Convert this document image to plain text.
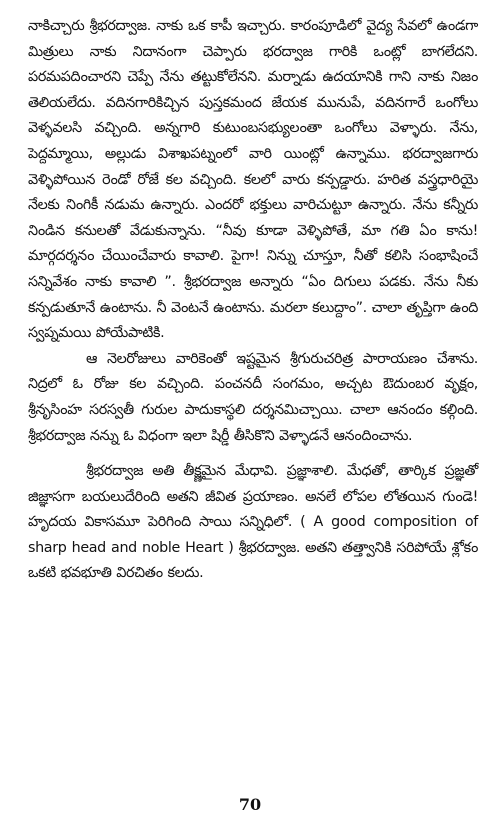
నాకిచ్చారు శ్రీభరద్వాజ. నాకు ఒక కాపీ ఇచ్చారు. కారంపూడిలో వైద్య సేవలో ఉండగా మిత్రులు నాకు నిదానంగా చెప్పారు భరద్వాజ గారికి ఒంట్లో బాగలేదని. పరమపదించారని చెప్పే నేను తట్టుకోలేనని. మర్నాడు ఉదయానికి గాని నాకు నిజం తెలియలేదు. వదినగారికిచ్చిన పుస్తకమంద జేయక మునుపే, వదినగారే ఒంగోలు వెళ్ళవలసి వచ్చింది. అన్నగారి కుటుంబసభ్యులంతా ఒంగోలు వెళ్ళారు. నేను, పెద్దమ్మాయి, అల్లుడు విశాఖపట్నంలో వారి యింట్లో ఉన్నాము. భరద్వాజగారు వెళ్ళిపోయిన రెండో రోజే కల వచ్చింది. కలలో వారు కన్పడ్డారు. హరిత వస్త్రధారియై నేలకు నింగికీ నడుమ ఉన్నారు. ఎందరో భక్తులు వారిచుట్టూ ఉన్నారు. నేను కన్నీరు నిండిన కనులతో వేడుకున్నాను. “నీవు కూడా వెళ్ళిపోతే, మా గతి ఏం కాను! మార్గదర్శనం చేయించేవారు కావాలి. పైగా! నిన్ను చూస్తూ, నీతో కలిసి సంభాషించే సన్నివేశం నాకు కావాలి ”. శ్రీభరద్వాజ అన్నారు “ఏం దిగులు పడకు. నేను నీకు కన్పడుతూనే ఉంటాను. నీ వెంటనే ఉంటాను. మరలా కలుద్దాం”. చాలా తృప్తిగా ఉంది స్వప్నమయి పోయేపాటికి.

ఆ నెలరోజులు వారికెంతో ఇష్టమైన శ్రీగురుచరిత్ర పారాయణం చేశాను. నిద్రలో ఓ రోజు కల వచ్చింది. పంచనదీ సంగమం, అచ్చట ఔదుంబర వృక్షం, శ్రీనృసింహ సరస్వతీ గురుల పాదుకాస్థలి దర్శనమిచ్చాయి. చాలా ఆనందం కల్గింది. శ్రీభరద్వాజ నన్ను ఓ విధంగా ఇలా షిర్డీ తీసికొని వెళ్ళాడనే ఆనందించాను.

శ్రీభరద్వాజ అతి తీక్ష్ణమైన మేధావి. ప్రజ్ఞాశాలి. మేధతో, తార్కిక ప్రజ్ఞతో జిజ్ఞాసగా బయలుదేరింది అతని జీవిత ప్రయాణం. అనలే లోపల లోతయిన గుండె! హృదయ వికాసమూ పెరిగింది సాయి సన్నిధిలో. ( A good composition of sharp head and noble Heart ) శ్రీభరద్వాజ. అతని తత్త్వానికి సరిపోయే శ్లోకం ఒకటి భవభూతి విరచితం కలదు.

70
